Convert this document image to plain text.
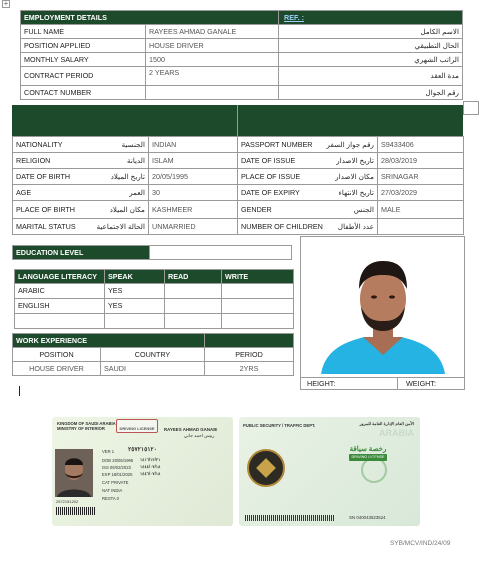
+
EMPLOYMENT DETAILS		REF. :
FULL NAME	RAYEES AHMAD GANALE	الاسم الكامل
POSITION APPLIED	HOUSE DRIVER	الحال التطبيقي
MONTHLY SALARY	1500	الراتب الشهري
CONTRACT PERIOD	2 YEARS	مدة العقد
CONTACT NUMBER		رقم الجوال
NATIONALITY الجنسية	INDIAN	PASSPORT NUMBER رقم جواز السفر	S9433406

RELIGION الديانة	ISLAM	DATE OF ISSUE تاريخ الاصدار	28/03/2019

DATE OF BIRTH تاريخ الميلاد	20/05/1995	PLACE OF ISSUE مكان الاصدار	SRINAGAR

AGE العمر	30	DATE OF EXPIRY تاريخ الانتهاء	27/03/2029

PLACE OF BIRTH مكان الميلاد	KASHMEER	GENDER الجنس	MALE

MARITAL STATUS الحالة الاجتماعية	UNMARRIED	NUMBER OF CHILDREN عدد الأطفال	

EDUCATION LEVEL	
LANGUAGE LITERACY	SPEAK	READ	WRITE
ARABIC	YES		
ENGLISH	YES		

WORK EXPERIENCE		
POSITION	COUNTRY	PERIOD
HOUSE DRIVER	SAUDI	2YRS
HEIGHT:	WEIGHT:
KINGDOM OF SAUDI ARABIA
MINISTRY OF INTERIOR	DRIVING LICENSE	RAYEES AHMAD GANAIE
رييس احمد جاني
VER 1 ٢٥٧٢١٥١٢٠
DOB 20/05/1995 ١٤١٦/١٢/٢١
ISS 09/02/2023 ١٤٤٤/٠٧/١٨
EXP 18/01/2025 ١٤٤٦/٠٧/١٨
CAT PRIVATE
NAT INDIA
RESTA 0
2572151202
PUBLIC SECURITY / TRAFFIC DEPT.	الأمن العام الإدارة العامة للمرور
ARABIA
رخصة سياقة
DRIVING LICENSE
SN 040043523524
SYB/MCV/IND/24/09
